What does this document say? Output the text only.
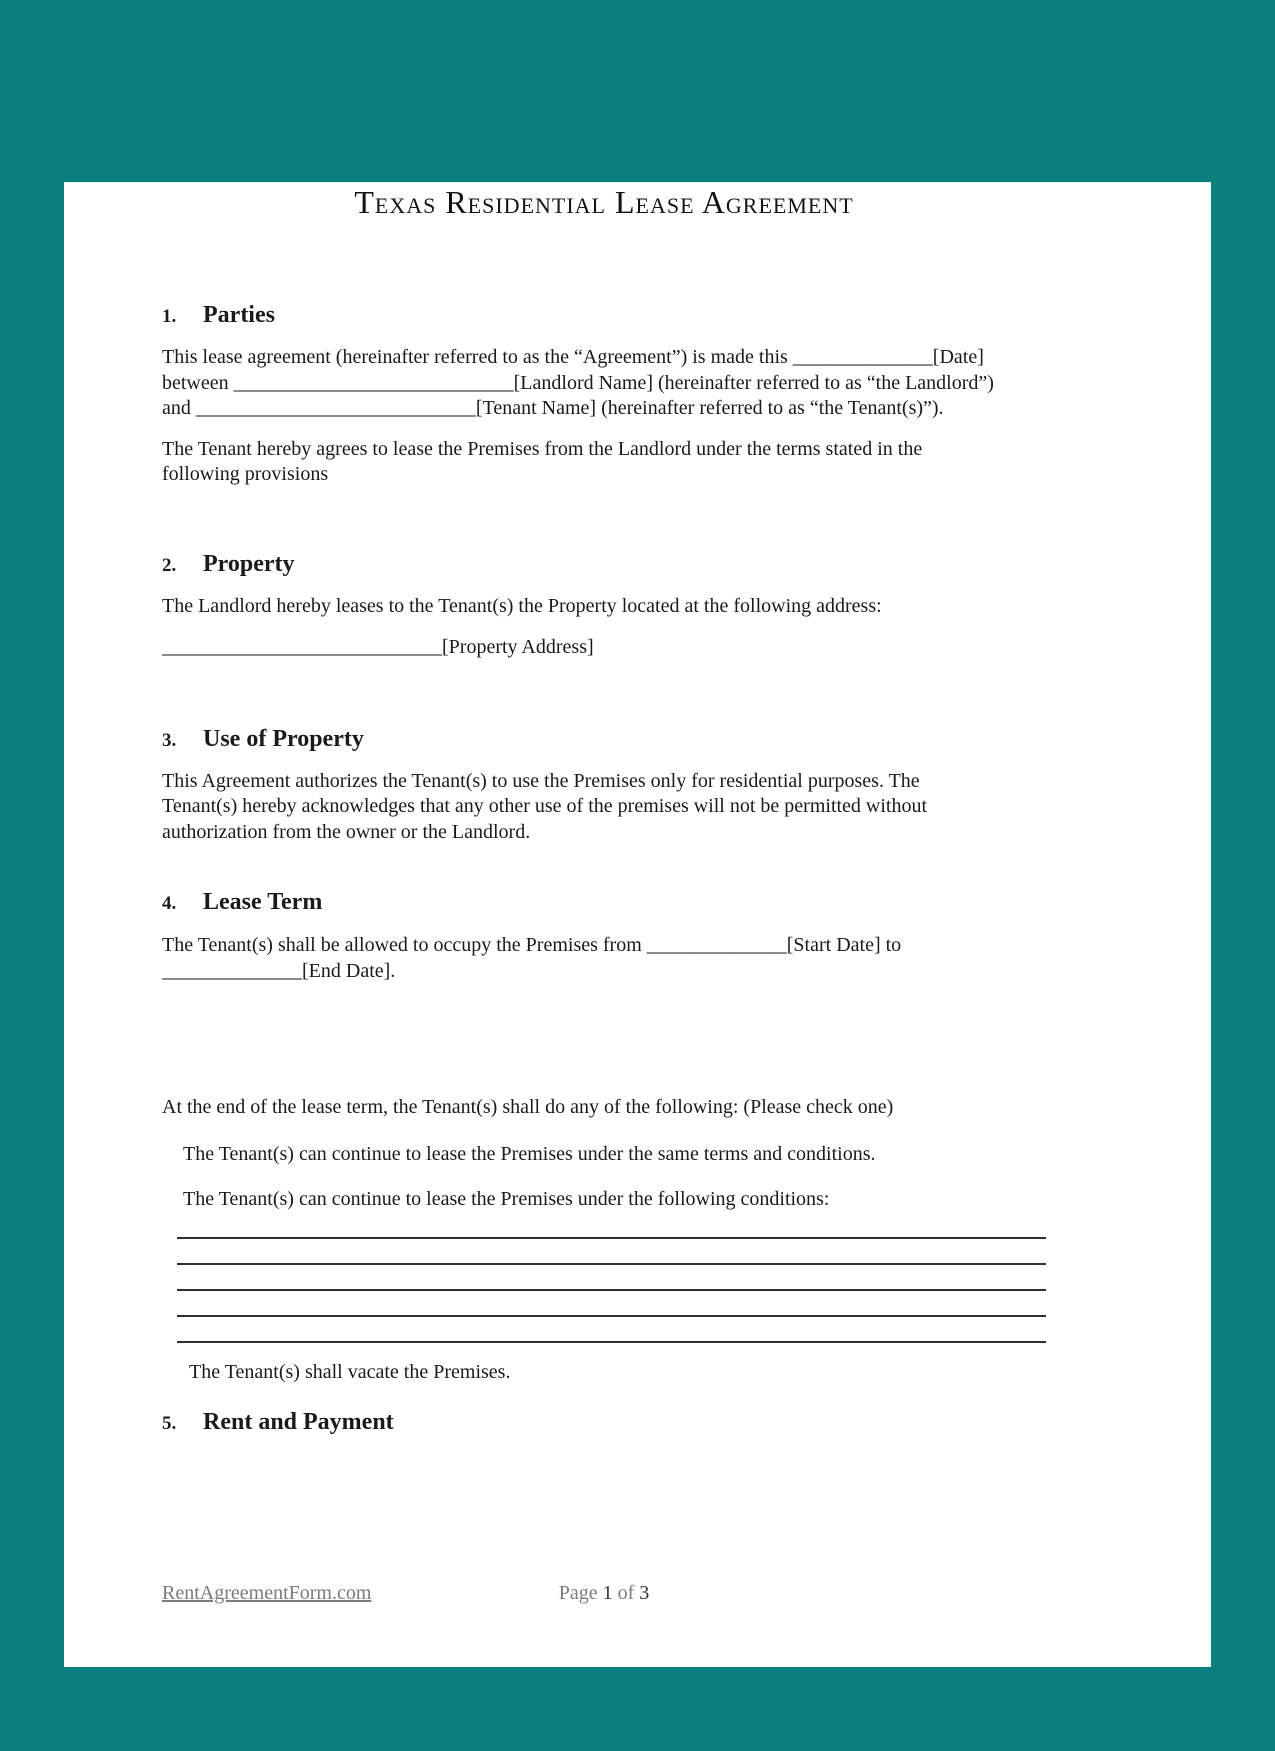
Texas Residential Lease Agreement
1.	Parties
This lease agreement (hereinafter referred to as the “Agreement”) is made this ______________[Date]
between ____________________________[Landlord Name] (hereinafter referred to as “the Landlord”)
and ____________________________[Tenant Name] (hereinafter referred to as “the Tenant(s)”).
The Tenant hereby agrees to lease the Premises from the Landlord under the terms stated in the
following provisions
2.	Property
The Landlord hereby leases to the Tenant(s) the Property located at the following address:
____________________________[Property Address]
3.	Use of Property
This Agreement authorizes the Tenant(s) to use the Premises only for residential purposes. The
Tenant(s) hereby acknowledges that any other use of the premises will not be permitted without
authorization from the owner or the Landlord.
4.	Lease Term
The Tenant(s) shall be allowed to occupy the Premises from ______________[Start Date] to
______________[End Date].
At the end of the lease term, the Tenant(s) shall do any of the following: (Please check one)
The Tenant(s) can continue to lease the Premises under the same terms and conditions.
The Tenant(s) can continue to lease the Premises under the following conditions:
The Tenant(s) shall vacate the Premises.
5.	Rent and Payment
RentAgreementForm.com	Page 1 of 3
